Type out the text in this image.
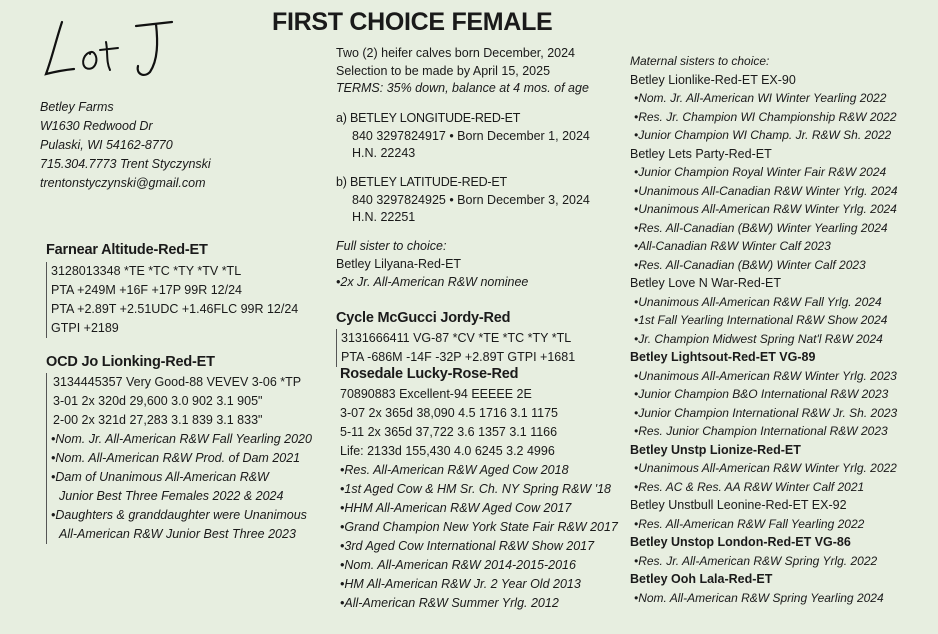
FIRST CHOICE FEMALE
Betley Farms
W1630 Redwood Dr
Pulaski, WI 54162-8770
715.304.7773 Trent Styczynski
trentonstyczynski@gmail.com
Two (2) heifer calves born December, 2024
Selection to be made by April 15, 2025
TERMS: 35% down, balance at 4 mos. of age
a) BETLEY LONGITUDE-RED-ET
840 3297824917 • Born December 1, 2024
H.N. 22243
b) BETLEY LATITUDE-RED-ET
840 3297824925 • Born December 3, 2024
H.N. 22251
Full sister to choice:
Betley Lilyana-Red-ET
•2x Jr. All-American R&W nominee
Farnear Altitude-Red-ET
3128013348 *TE *TC *TY *TV *TL
PTA +249M +16F +17P 99R 12/24
PTA +2.89T +2.51UDC +1.46FLC 99R 12/24
GTPI +2189
OCD Jo Lionking-Red-ET
3134445357 Very Good-88 VEVEV 3-06 *TP
3-01 2x 320d 29,600 3.0 902 3.1 905"
2-00 2x 321d 27,283 3.1 839 3.1 833"
•Nom. Jr. All-American R&W Fall Yearling 2020
•Nom. All-American R&W Prod. of Dam 2021
•Dam of Unanimous All-American R&W
Junior Best Three Females 2022 & 2024
•Daughters & granddaughter were Unanimous
All-American R&W Junior Best Three 2023
Cycle McGucci Jordy-Red
3131666411 VG-87 *CV *TE *TC *TY *TL
PTA -686M -14F -32P +2.89T GTPI +1681
Rosedale Lucky-Rose-Red
70890883 Excellent-94 EEEEE 2E
3-07 2x 365d 38,090 4.5 1716 3.1 1175
5-11 2x 365d 37,722 3.6 1357 3.1 1166
Life: 2133d 155,430 4.0 6245 3.2 4996
•Res. All-American R&W Aged Cow 2018
•1st Aged Cow & HM Sr. Ch. NY Spring R&W '18
•HHM All-American R&W Aged Cow 2017
•Grand Champion New York State Fair R&W 2017
•3rd Aged Cow International R&W Show 2017
•Nom. All-American R&W 2014-2015-2016
•HM All-American R&W Jr. 2 Year Old 2013
•All-American R&W Summer Yrlg. 2012
Maternal sisters to choice:
Betley Lionlike-Red-ET EX-90
•Nom. Jr. All-American WI Winter Yearling 2022
•Res. Jr. Champion WI Championship R&W 2022
•Junior Champion WI Champ. Jr. R&W Sh. 2022
Betley Lets Party-Red-ET
•Junior Champion Royal Winter Fair R&W 2024
•Unanimous All-Canadian R&W Winter Yrlg. 2024
•Unanimous All-American R&W Winter Yrlg. 2024
•Res. All-Canadian (B&W) Winter Yearling 2024
•All-Canadian R&W Winter Calf 2023
•Res. All-Canadian (B&W) Winter Calf 2023
Betley Love N War-Red-ET
•Unanimous All-American R&W Fall Yrlg. 2024
•1st Fall Yearling International R&W Show 2024
•Jr. Champion Midwest Spring Nat'l R&W 2024
Betley Lightsout-Red-ET VG-89
•Unanimous All-American R&W Winter Yrlg. 2023
•Junior Champion B&O International R&W 2023
•Junior Champion International R&W Jr. Sh. 2023
•Res. Junior Champion International R&W 2023
Betley Unstp Lionize-Red-ET
•Unanimous All-American R&W Winter Yrlg. 2022
•Res. AC & Res. AA R&W Winter Calf 2021
Betley Unstbull Leonine-Red-ET EX-92
•Res. All-American R&W Fall Yearling 2022
Betley Unstop London-Red-ET VG-86
•Res. Jr. All-American R&W Spring Yrlg. 2022
Betley Ooh Lala-Red-ET
•Nom. All-American R&W Spring Yearling 2024
